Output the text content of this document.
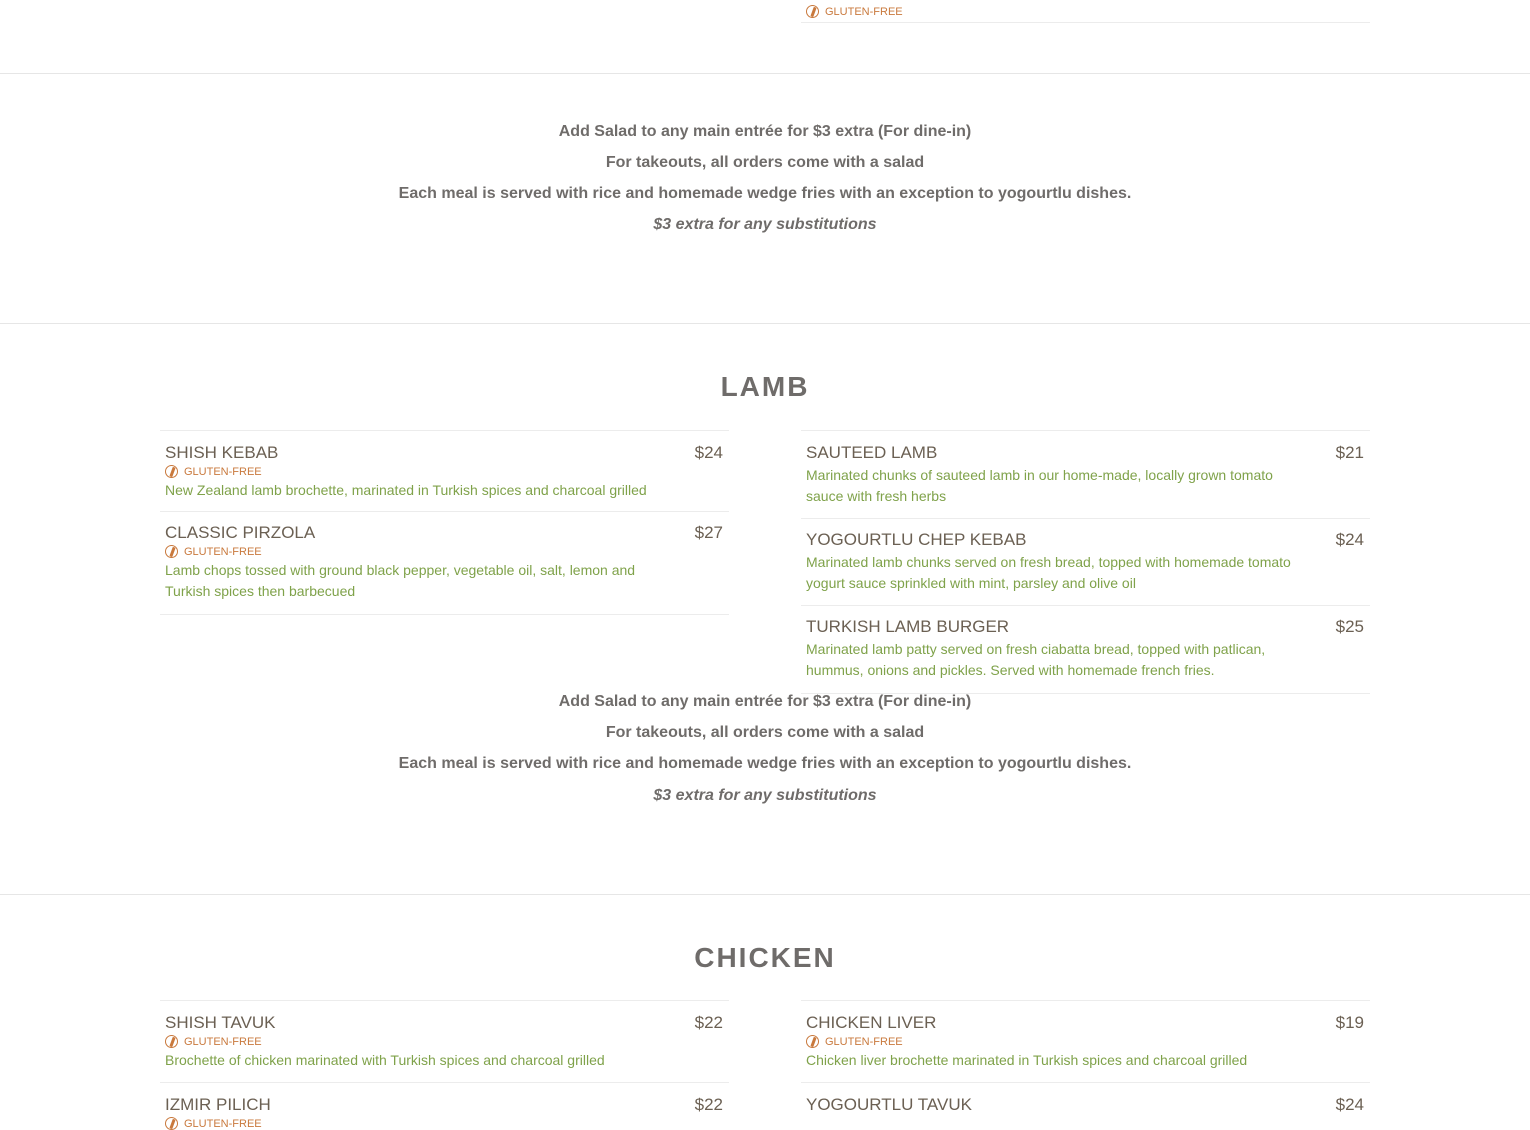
GLUTEN-FREE
Add Salad to any main entrée for $3 extra (For dine-in)
For takeouts, all orders come with a salad
Each meal is served with rice and homemade wedge fries with an exception to yogourtlu dishes.
$3 extra for any substitutions
LAMB
SHISH KEBAB	$24
GLUTEN-FREE
New Zealand lamb brochette, marinated in Turkish spices and charcoal grilled
CLASSIC PIRZOLA	$27
GLUTEN-FREE
Lamb chops tossed with ground black pepper, vegetable oil, salt, lemon and Turkish spices then barbecued
SAUTEED LAMB	$21
Marinated chunks of sauteed lamb in our home-made, locally grown tomato sauce with fresh herbs
YOGOURTLU CHEP KEBAB	$24
Marinated lamb chunks served on fresh bread, topped with homemade tomato yogurt sauce sprinkled with mint, parsley and olive oil
TURKISH LAMB BURGER	$25
Marinated lamb patty served on fresh ciabatta bread, topped with patlican, hummus, onions and pickles. Served with homemade french fries.
Add Salad to any main entrée for $3 extra (For dine-in)
For takeouts, all orders come with a salad
Each meal is served with rice and homemade wedge fries with an exception to yogourtlu dishes.
$3 extra for any substitutions
CHICKEN
SHISH TAVUK	$22
GLUTEN-FREE
Brochette of chicken marinated with Turkish spices and charcoal grilled
IZMIR PILICH	$22
GLUTEN-FREE
CHICKEN LIVER	$19
GLUTEN-FREE
Chicken liver brochette marinated in Turkish spices and charcoal grilled
YOGOURTLU TAVUK	$24
